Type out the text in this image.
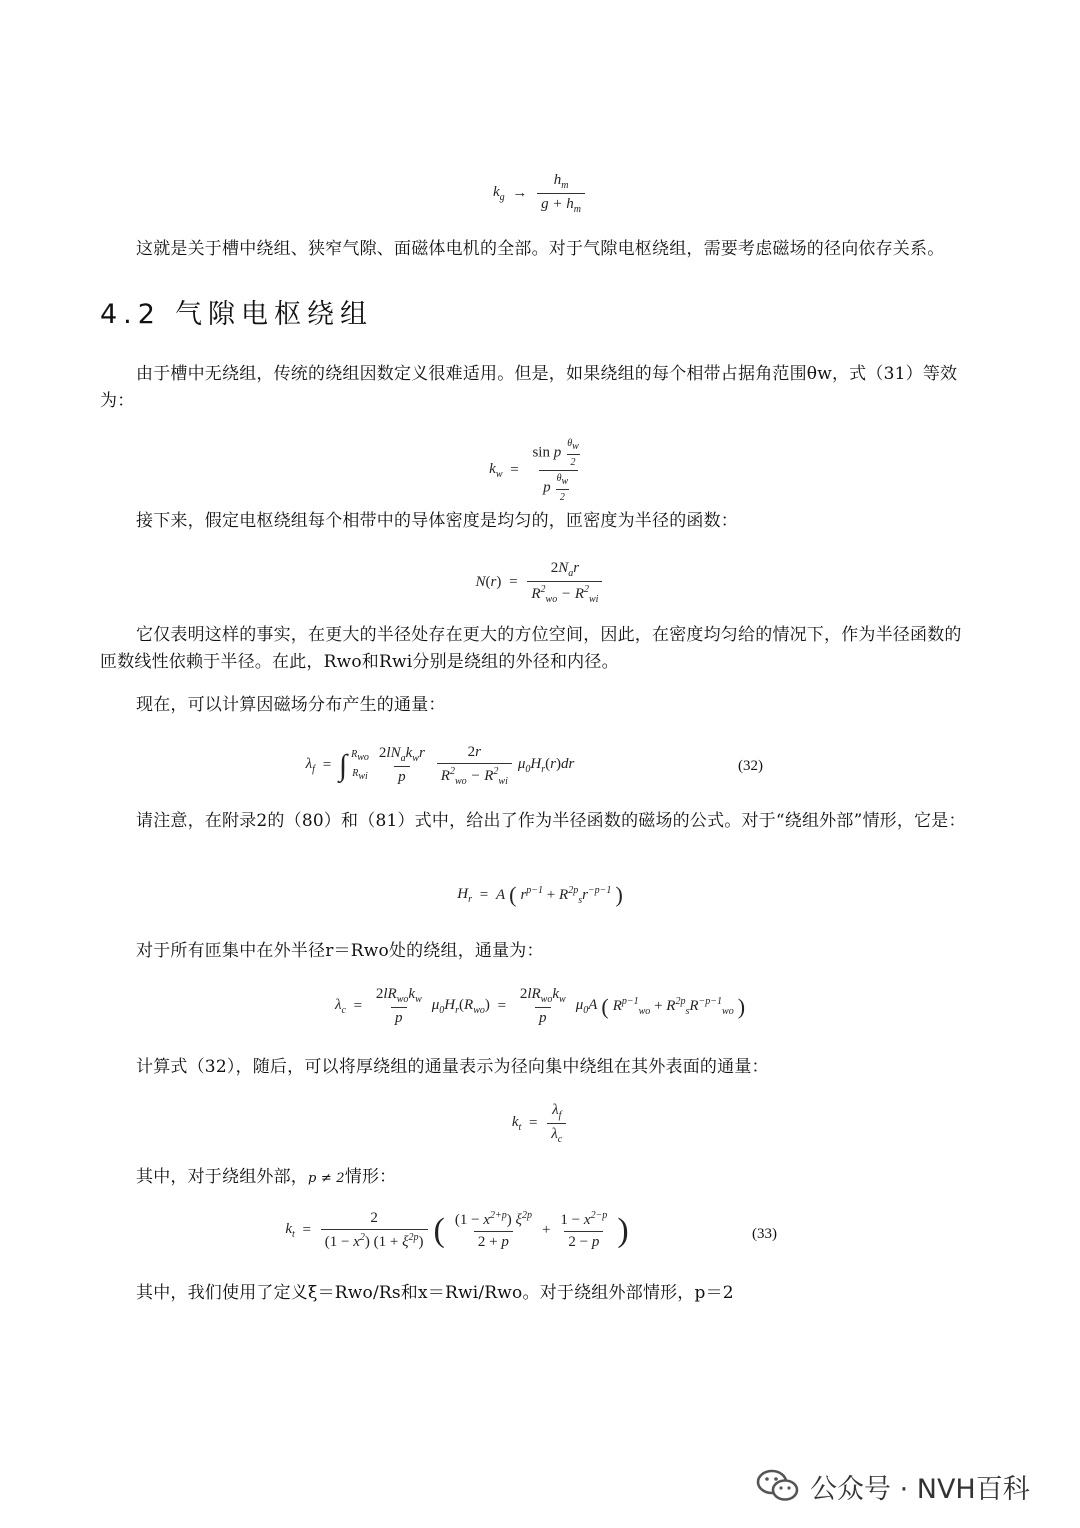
$k_g$ →
$h_m$
$g + h_m$

这就是关于槽中绕组、狭窄气隙、面磁体电机的全部。对于气隙电枢绕组，需要考虑磁场的径向依存关系。

4.2 气隙电枢绕组

由于槽中无绕组，传统的绕组因数定义很难适用。但是，如果绕组的每个相带占据角范围θw，式（31）等效为：

$k_w$ =
sin p $\frac{\theta w}{2}$
p $\frac{\theta w}{2}$

接下来，假定电枢绕组每个相带中的导体密度是均匀的，匝密度为半径的函数：

N(r) =
$2N_ar$
$R^2_{wo} - R^2_{wi}$

它仅表明这样的事实，在更大的半径处存在更大的方位空间，因此，在密度均匀给的情况下，作为半径函数的匝数线性依赖于半径。在此，Rwo和Rwi分别是绕组的外径和内径。

现在，可以计算因磁场分布产生的通量：

$\lambda_f$ = ∫ Rwo
Rwi
$2lN_ak_wr$
p
2r
$R^2_{wo} - R^2_{wi}$
$\mu_0H_r(r)dr$	(32)

请注意，在附录2的（80）和（81）式中，给出了作为半径函数的磁场的公式。对于“绕组外部”情形，它是：

$H_r = A$ ( $r^{p-1} + R^{2p}_sr^{-p-1}$ )

对于所有匝集中在外半径r＝Rwo处的绕组，通量为：

$\lambda_c$ =
$2lR_{wo}k_w$
p
$\mu_0H_r(R_{wo})$ =
$2lR_{wo}k_w$
p
$\mu_0A$ ( $R^{p-1}_{wo} + R^{2p}_sR^{-p-1}_{wo}$ )

计算式（32），随后，可以将厚绕组的通量表示为径向集中绕组在其外表面的通量：

$k_t = \frac{\lambda_f}{\lambda_c}$

其中，对于绕组外部，p ≠ 2情形：

$k_t = \frac{2}{(1 - x^2) (1 + \xi^{2p})}$ ( $(1 - x^{2+p})$ $\xi^{2p}$
2 + p
+ $\frac{1 - x^{2-p}}{2 - p}$ )	(33)

其中，我们使用了定义ξ＝Rwo/Rs和x＝Rwi/Rwo。对于绕组外部情形，p＝2

公众号 · NVH百科
